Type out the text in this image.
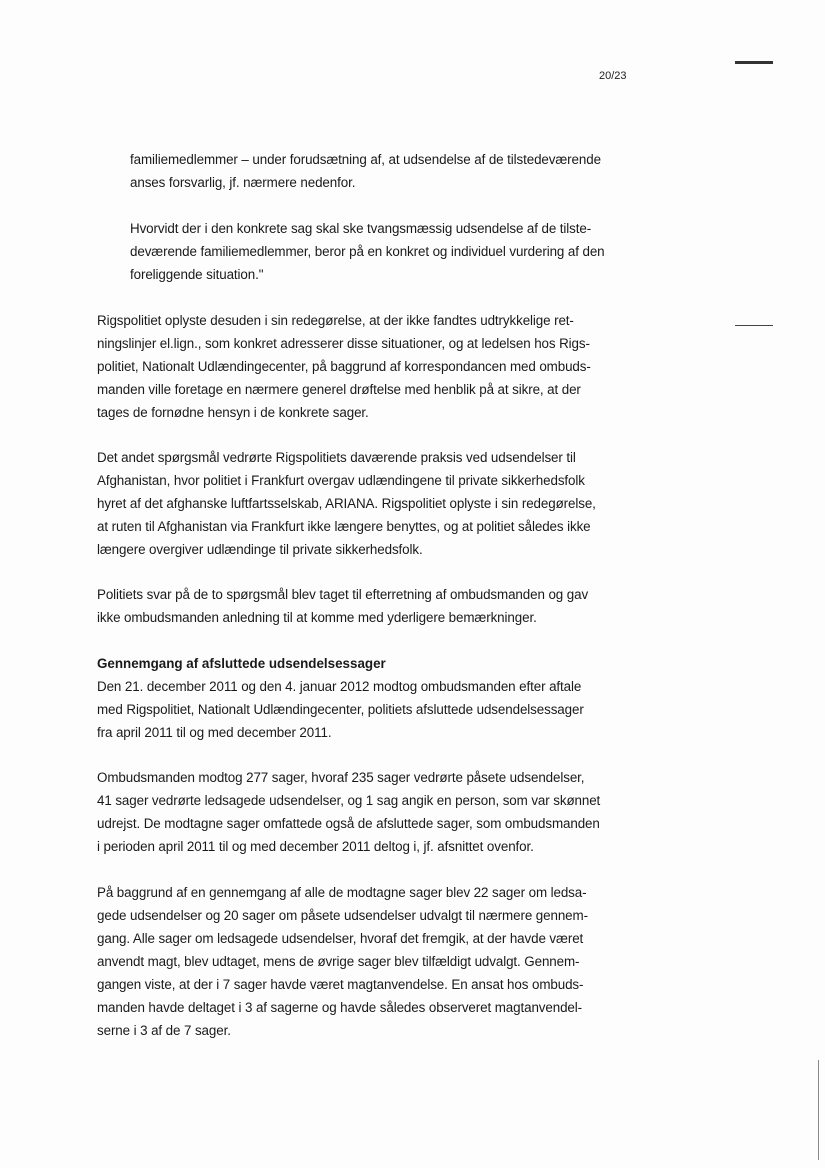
20/23
familiemedlemmer – under forudsætning af, at udsendelse af de tilstedeværende
anses forsvarlig, jf. nærmere nedenfor.
Hvorvidt der i den konkrete sag skal ske tvangsmæssig udsendelse af de tilste-
deværende familiemedlemmer, beror på en konkret og individuel vurdering af den
foreliggende situation."
Rigspolitiet oplyste desuden i sin redegørelse, at der ikke fandtes udtrykkelige ret-
ningslinjer el.lign., som konkret adresserer disse situationer, og at ledelsen hos Rigs-
politiet, Nationalt Udlændingecenter, på baggrund af korrespondancen med ombuds-
manden ville foretage en nærmere generel drøftelse med henblik på at sikre, at der
tages de fornødne hensyn i de konkrete sager.
Det andet spørgsmål vedrørte Rigspolitiets daværende praksis ved udsendelser til
Afghanistan, hvor politiet i Frankfurt overgav udlændingene til private sikkerhedsfolk
hyret af det afghanske luftfartsselskab, ARIANA. Rigspolitiet oplyste i sin redegørelse,
at ruten til Afghanistan via Frankfurt ikke længere benyttes, og at politiet således ikke
længere overgiver udlændinge til private sikkerhedsfolk.
Politiets svar på de to spørgsmål blev taget til efterretning af ombudsmanden og gav
ikke ombudsmanden anledning til at komme med yderligere bemærkninger.
Gennemgang af afsluttede udsendelsessager
Den 21. december 2011 og den 4. januar 2012 modtog ombudsmanden efter aftale
med Rigspolitiet, Nationalt Udlændingecenter, politiets afsluttede udsendelsessager
fra april 2011 til og med december 2011.
Ombudsmanden modtog 277 sager, hvoraf 235 sager vedrørte påsete udsendelser,
41 sager vedrørte ledsagede udsendelser, og 1 sag angik en person, som var skønnet
udrejst. De modtagne sager omfattede også de afsluttede sager, som ombudsmanden
i perioden april 2011 til og med december 2011 deltog i, jf. afsnittet ovenfor.
På baggrund af en gennemgang af alle de modtagne sager blev 22 sager om ledsa-
gede udsendelser og 20 sager om påsete udsendelser udvalgt til nærmere gennem-
gang. Alle sager om ledsagede udsendelser, hvoraf det fremgik, at der havde været
anvendt magt, blev udtaget, mens de øvrige sager blev tilfældigt udvalgt. Gennem-
gangen viste, at der i 7 sager havde været magtanvendelse. En ansat hos ombuds-
manden havde deltaget i 3 af sagerne og havde således observeret magtanvendel-
serne i 3 af de 7 sager.
